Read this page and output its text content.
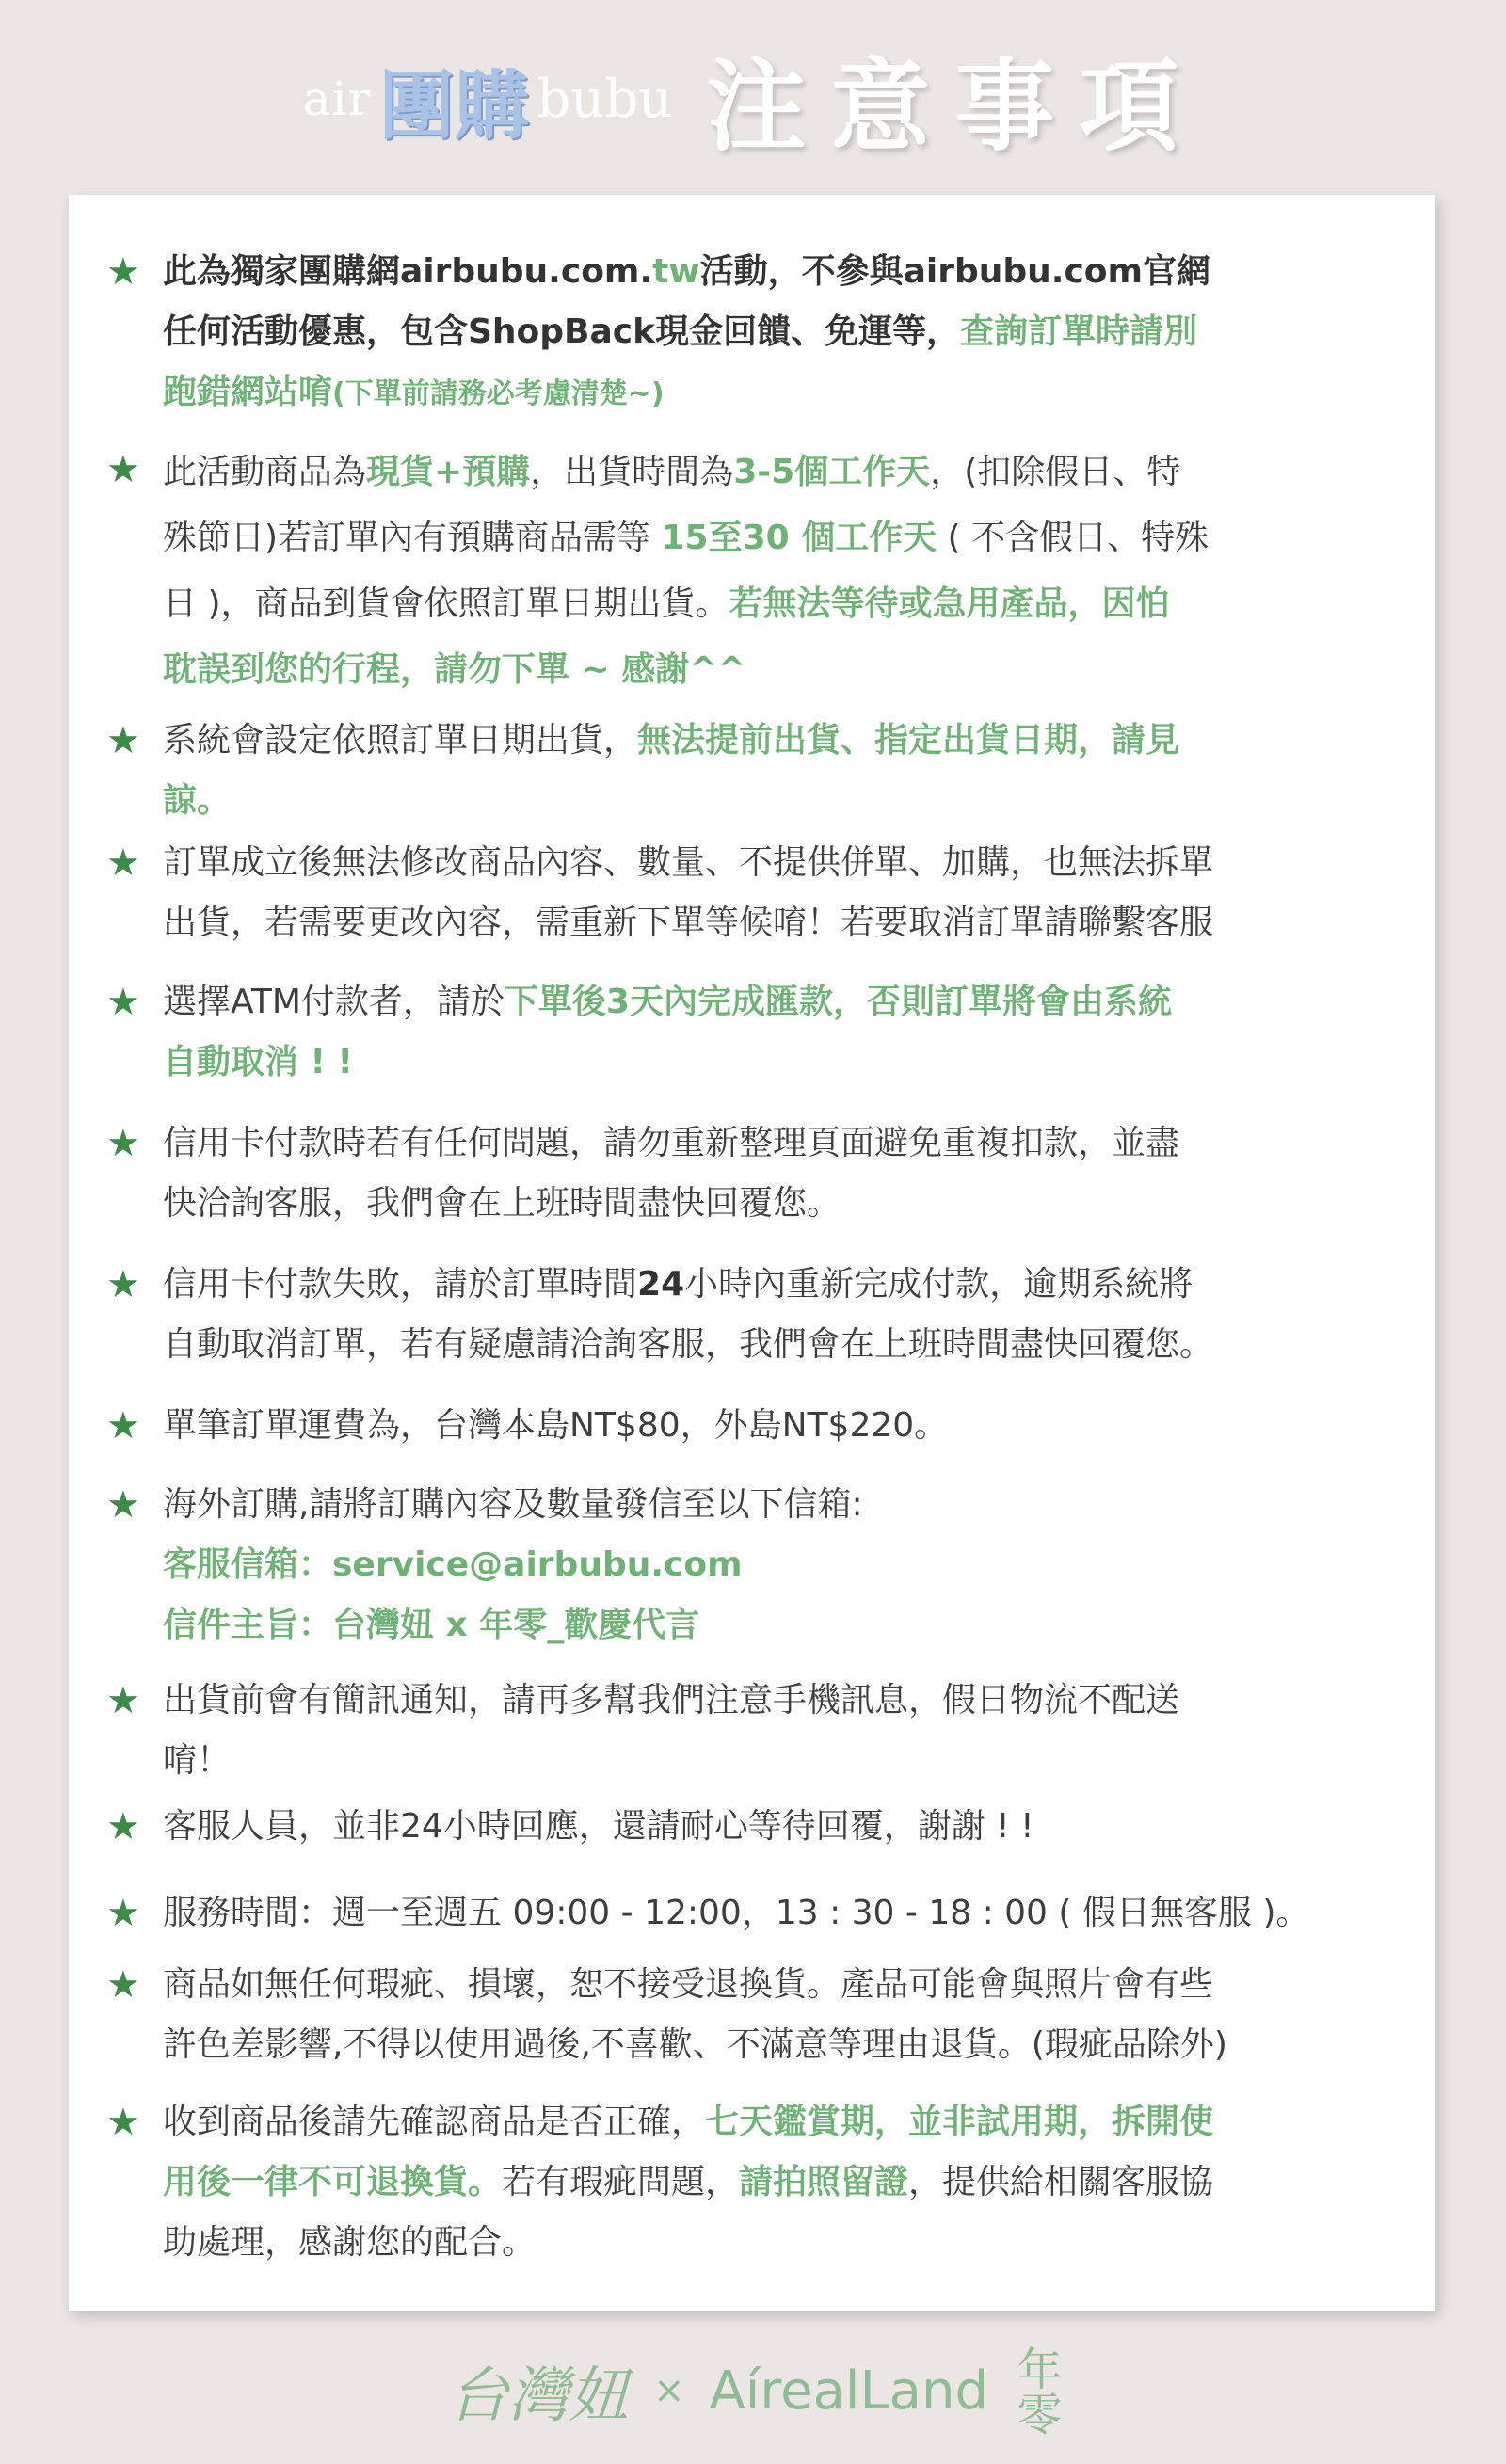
air 團購 bubu 注意事項
★ 此為獨家團購網airbubu.com.tw活動，不參與airbubu.com官網
任何活動優惠，包含ShopBack現金回饋、免運等，查詢訂單時請別
跑錯網站唷(下單前請務必考慮清楚~)
★ 此活動商品為現貨+預購，出貨時間為3-5個工作天，(扣除假日、特
殊節日)若訂單內有預購商品需等 15至30 個工作天 ( 不含假日、特殊
日 )，商品到貨會依照訂單日期出貨。若無法等待或急用產品，因怕
耽誤到您的行程，請勿下單 ~ 感謝^^
★ 系統會設定依照訂單日期出貨，無法提前出貨、指定出貨日期，請見
諒。
★ 訂單成立後無法修改商品內容、數量、不提供併單、加購，也無法拆單
出貨，若需要更改內容，需重新下單等候唷！若要取消訂單請聯繫客服
★ 選擇ATM付款者，請於下單後3天內完成匯款，否則訂單將會由系統
自動取消 ! !
★ 信用卡付款時若有任何問題，請勿重新整理頁面避免重複扣款，並盡
快洽詢客服，我們會在上班時間盡快回覆您。
★ 信用卡付款失敗，請於訂單時間24小時內重新完成付款，逾期系統將
自動取消訂單，若有疑慮請洽詢客服，我們會在上班時間盡快回覆您。
★ 單筆訂單運費為，台灣本島NT$80，外島NT$220。
★ 海外訂購,請將訂購內容及數量發信至以下信箱:
客服信箱：service@airbubu.com
信件主旨：台灣妞 x 年零_歡慶代言
★ 出貨前會有簡訊通知，請再多幫我們注意手機訊息，假日物流不配送
唷！
★ 客服人員，並非24小時回應，還請耐心等待回覆，謝謝 ! !
★ 服務時間：週一至週五 09:00 - 12:00，13 : 30 - 18 : 00 ( 假日無客服 )。
★ 商品如無任何瑕疵、損壞，恕不接受退換貨。產品可能會與照片會有些
許色差影響,不得以使用過後,不喜歡、不滿意等理由退貨。(瑕疵品除外)
★ 收到商品後請先確認商品是否正確，七天鑑賞期，並非試用期，拆開使
用後一律不可退換貨。若有瑕疵問題，請拍照留證，提供給相關客服協
助處理，感謝您的配合。
台灣妞 × AírealLand 年零
